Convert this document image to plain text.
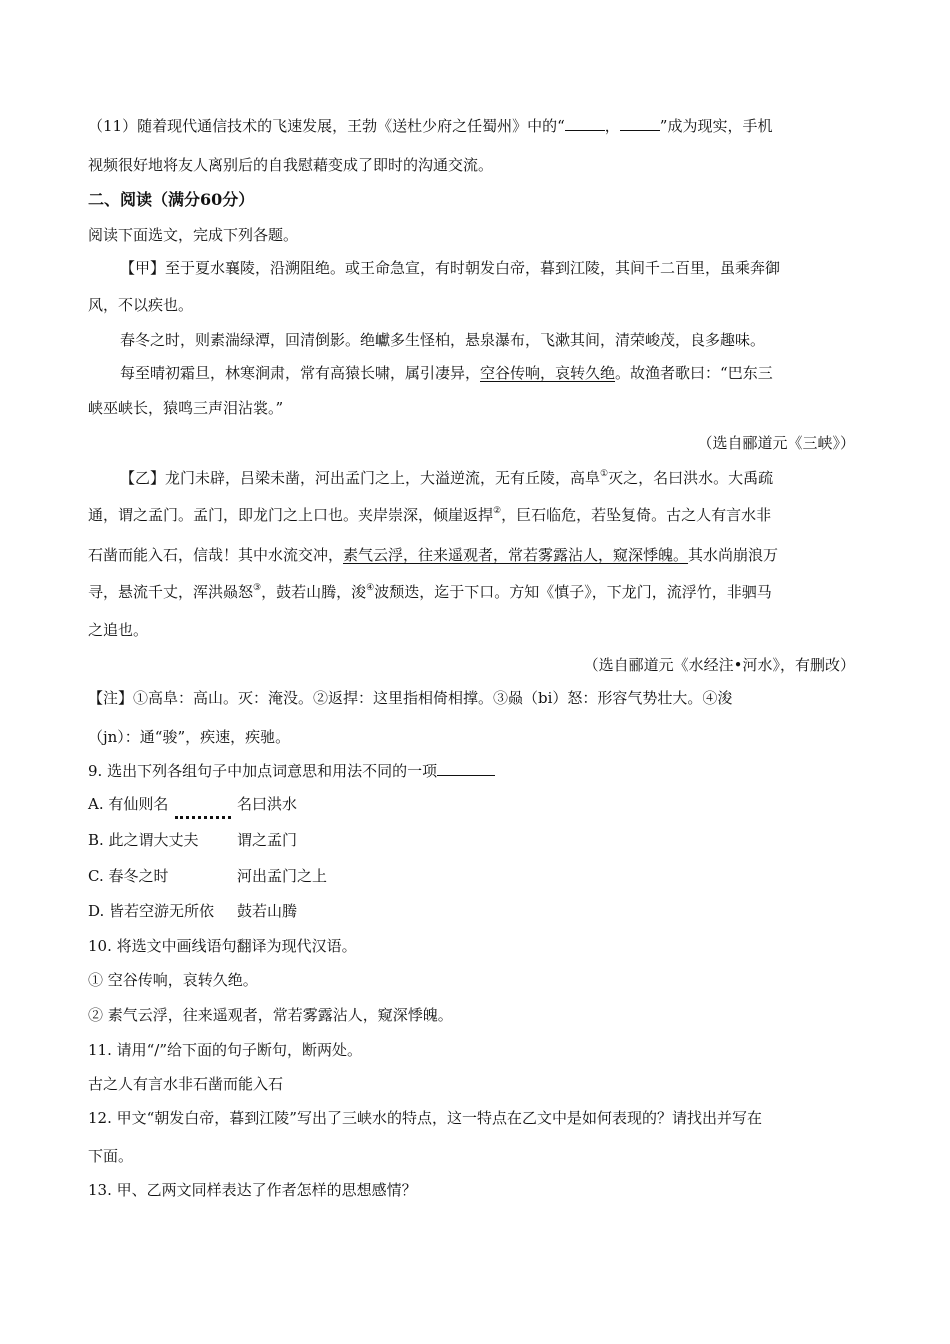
（11）随着现代通信技术的飞速发展，王勃《送杜少府之任蜀州》中的“	，	”成为现实，手机
视频很好地将友人离别后的自我慰藉变成了即时的沟通交流。
二、阅读（满分60分）
阅读下面选文，完成下列各题。
【甲】至于夏水襄陵，沿溯阻绝。或王命急宣，有时朝发白帝，暮到江陵，其间千二百里，虽乘奔御
风，不以疾也。
春冬之时，则素湍绿潭，回清倒影。绝巘多生怪柏，悬泉瀑布，飞漱其间，清荣峻茂，良多趣味。
每至晴初霜旦，林寒涧肃，常有高猿长啸，属引凄异，空谷传响，哀转久绝。故渔者歌曰：“巴东三
峡巫峡长，猿鸣三声泪沾裳。”
（选自郦道元《三峡》）
【乙】龙门未辟，吕梁未凿，河出孟门之上，大溢逆流，无有丘陵，高阜①灭之，名曰洪水。大禹疏
通，谓之孟门。孟门，即龙门之上口也。夹岸崇深，倾崖返捍②，巨石临危，若坠复倚。古之人有言水非
石凿而能入石，信哉！其中水流交冲，素气云浮，往来遥观者，常若雾露沾人，窥深悸魄。其水尚崩浪万
寻，悬流千丈，浑洪赑怒③，鼓若山腾，浚④波颓迭，迄于下口。方知《慎子》，下龙门，流浮竹，非驷马
之追也。
（选自郦道元《水经注•河水》，有删改）
【注】①高阜：高山。灭：淹没。②返捍：这里指相倚相撑。③赑（bi）怒：形容气势壮大。④浚
（jn）：通“骏”，疾速，疾驰。
9. 选出下列各组句子中加点词意思和用法不同的一项
A. 有仙则名	名曰洪水
B. 此之谓大丈夫	谓之孟门
C. 春冬之时	河出孟门之上
D. 皆若空游无所依 鼓若山腾
10. 将选文中画线语句翻译为现代汉语。
① 空谷传响，哀转久绝。
② 素气云浮，往来遥观者，常若雾露沾人，窥深悸魄。
11. 请用“/”给下面的句子断句，断两处。
古之人有言水非石凿而能入石
12. 甲文“朝发白帝，暮到江陵”写出了三峡水的特点，这一特点在乙文中是如何表现的？请找出并写在
下面。
13. 甲、乙两文同样表达了作者怎样的思想感情？
